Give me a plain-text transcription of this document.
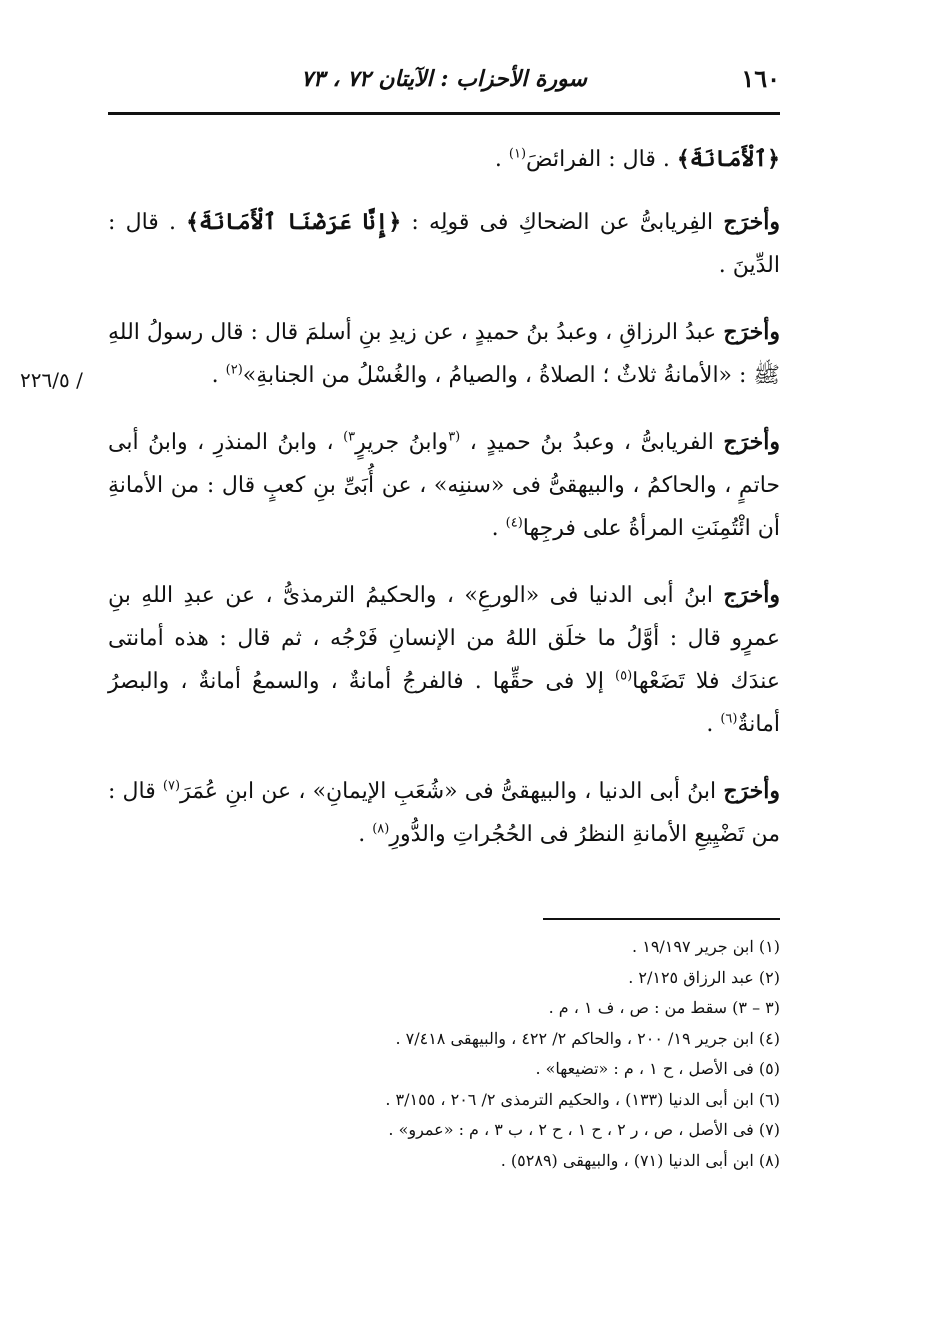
١٦٠
سورة الأحزاب : الآيتان ٧٢ ، ٧٣

﴿ٱلْأَمَانَةَ﴾ . قال : الفرائضَ$^{(١)}$ .

وأخرَج الفِريابىُّ عن الضحاكِ فى قولِه : ﴿إِنَّا عَرَضْنَا ٱلْأَمَانَةَ﴾ . قال : الدِّينَ .

٢٢٦/٥ /
وأخرَج عبدُ الرزاقِ ، وعبدُ بنُ حميدٍ ، عن زيدِ بنِ أسلمَ قال : قال رسولُ اللهِ ﷺ : «الأمانةُ ثلاثٌ ؛ الصلاةُ ، والصيامُ ، والغُسْلُ من الجنابةِ»$^{(٢)}$ .

وأخرَج الفريابىُّ ، وعبدُ بنُ حميدٍ ، $^{(٣}$وابنُ جريرٍ$^{٣)}$ ، وابنُ المنذرِ ، وابنُ أبى حاتمٍ ، والحاكمُ ، والبيهقىُّ فى «سننِه» ، عن أُبَىِّ بنِ كعبٍ قال : من الأمانةِ أن ائْتُمِنَتِ المرأةُ على فرجِها$^{(٤)}$ .

وأخرَج ابنُ أبى الدنيا فى «الورعِ» ، والحكيمُ الترمذىُّ ، عن عبدِ اللهِ بنِ عمرٍو قال : أوَّلُ ما خلَق اللهُ من الإنسانِ فَرْجُه ، ثم قال : هذه أمانتى عندَك فلا تَضَعْها$^{(٥)}$ إلا فى حقِّها . فالفرجُ أمانةٌ ، والسمعُ أمانةٌ ، والبصرُ أمانةٌ$^{(٦)}$ .

وأخرَج ابنُ أبى الدنيا ، والبيهقىُّ فى «شُعَبِ الإيمانِ» ، عن ابنِ عُمَرَ$^{(٧)}$ قال : من تَضْيِيعِ الأمانةِ النظرُ فى الحُجُراتِ والدُّورِ$^{(٨)}$ .

(١) ابن جرير ١٩/١٩٧ .

(٢) عبد الرزاق ٢/١٢٥ .

(٣ – ٣) سقط من : ص ، ف ١ ، م .

(٤) ابن جرير ١٩/ ٢٠٠ ، والحاكم ٢/ ٤٢٢ ، والبيهقى ٧/٤١٨ .

(٥) فى الأصل ، ح ١ ، م : «تضيعها» .

(٦) ابن أبى الدنيا (١٣٣) ، والحكيم الترمذى ٢/ ٢٠٦ ، ٣/١٥٥ .

(٧) فى الأصل ، ص ، ر ٢ ، ح ١ ، ح ٢ ، ب ٣ ، م : «عمرو» .

(٨) ابن أبى الدنيا (٧١) ، والبيهقى (٥٢٨٩) .
